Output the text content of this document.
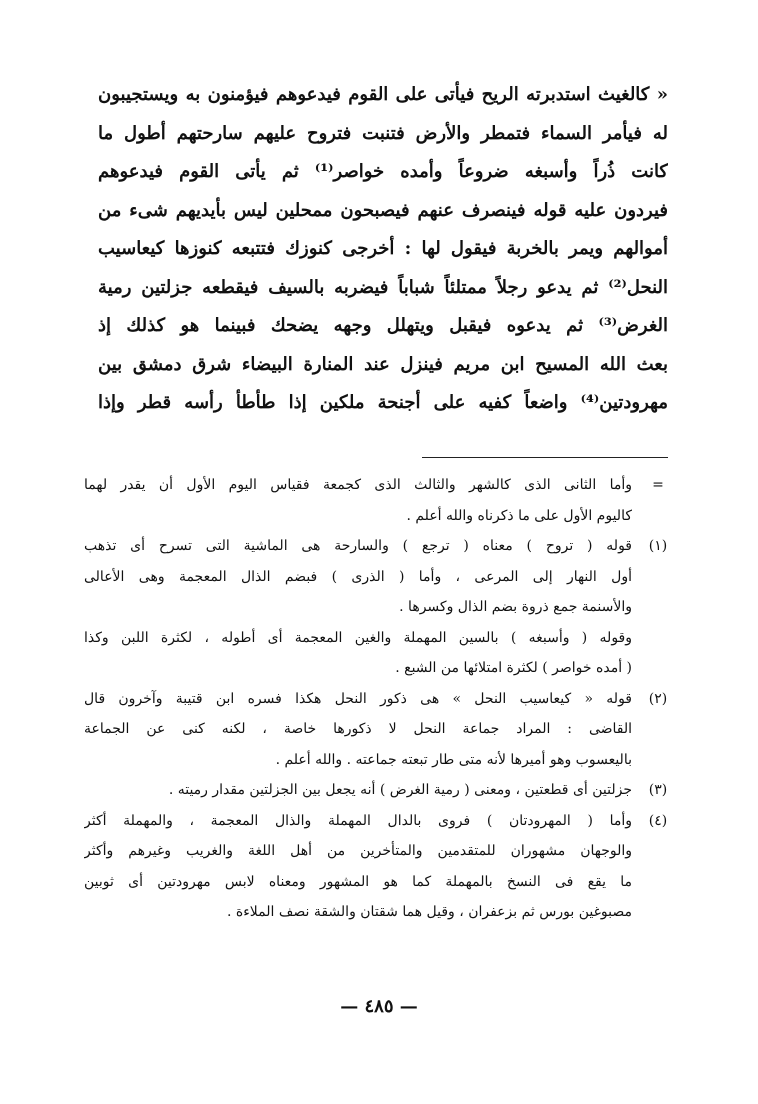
« كالغيث استدبرته الريح فيأتى على القوم فيدعوهم فيؤمنون به ويستجيبون
له فيأمر السماء فتمطر والأرض فتنبت فتروح عليهم سارحتهم أطول ما
كانت ذُراً وأسبغه ضروعاً وأمده خواصر⁽¹⁾ ثم يأتى القوم فيدعوهم
فيردون عليه قوله فينصرف عنهم فيصبحون ممحلين ليس بأيديهم شىء من
أموالهم ويمر بالخربة فيقول لها : أخرجى كنوزك فتتبعه كنوزها كيعاسيب
النحل⁽²⁾ ثم يدعو رجلاً ممتلئاً شباباً فيضربه بالسيف فيقطعه جزلتين رمية
الغرض⁽³⁾ ثم يدعوه فيقبل ويتهلل وجهه يضحك فبينما هو كذلك إذ
بعث الله المسيح ابن مريم فينزل عند المنارة البيضاء شرق دمشق بين
مهرودتين⁽⁴⁾ واضعاً كفيه على أجنحة ملكين إذا طأطأ رأسه قطر وإذا
=
وأما الثانى الذى كالشهر والثالث الذى كجمعة فقياس اليوم الأول أن يقدر لهما
كاليوم الأول على ما ذكرناه والله أعلم .
(١)
قوله ( تروح ) معناه ( ترجع ) والسارحة هى الماشية التى تسرح أى تذهب
أول النهار إلى المرعى ، وأما ( الذرى ) فبضم الذال المعجمة وهى الأعالى
والأسنمة جمع ذروة بضم الذال وكسرها .
وقوله ( وأسبغه ) بالسين المهملة والغين المعجمة أى أطوله ، لكثرة اللبن وكذا
( أمده خواصر ) لكثرة امتلائها من الشبع .
(٢)
قوله « كيعاسيب النحل » هى ذكور النحل هكذا فسره ابن قتيبة وآخرون قال
القاضى : المراد جماعة النحل لا ذكورها خاصة ، لكنه كنى عن الجماعة
باليعسوب وهو أميرها لأنه متى طار تبعته جماعته . والله أعلم .
(٣)
جزلتين أى قطعتين ، ومعنى ( رمية الغرض ) أنه يجعل بين الجزلتين مقدار رميته .
(٤)
وأما ( المهرودتان ) فروى بالدال المهملة والذال المعجمة ، والمهملة أكثر
والوجهان مشهوران للمتقدمين والمتأخرين من أهل اللغة والغريب وغيرهم وأكثر
ما يقع فى النسخ بالمهملة كما هو المشهور ومعناه لابس مهرودتين أى ثوبين
مصبوغين بورس ثم بزعفران ، وقيل هما شقتان والشقة نصف الملاءة .
— ٤٨٥ —
